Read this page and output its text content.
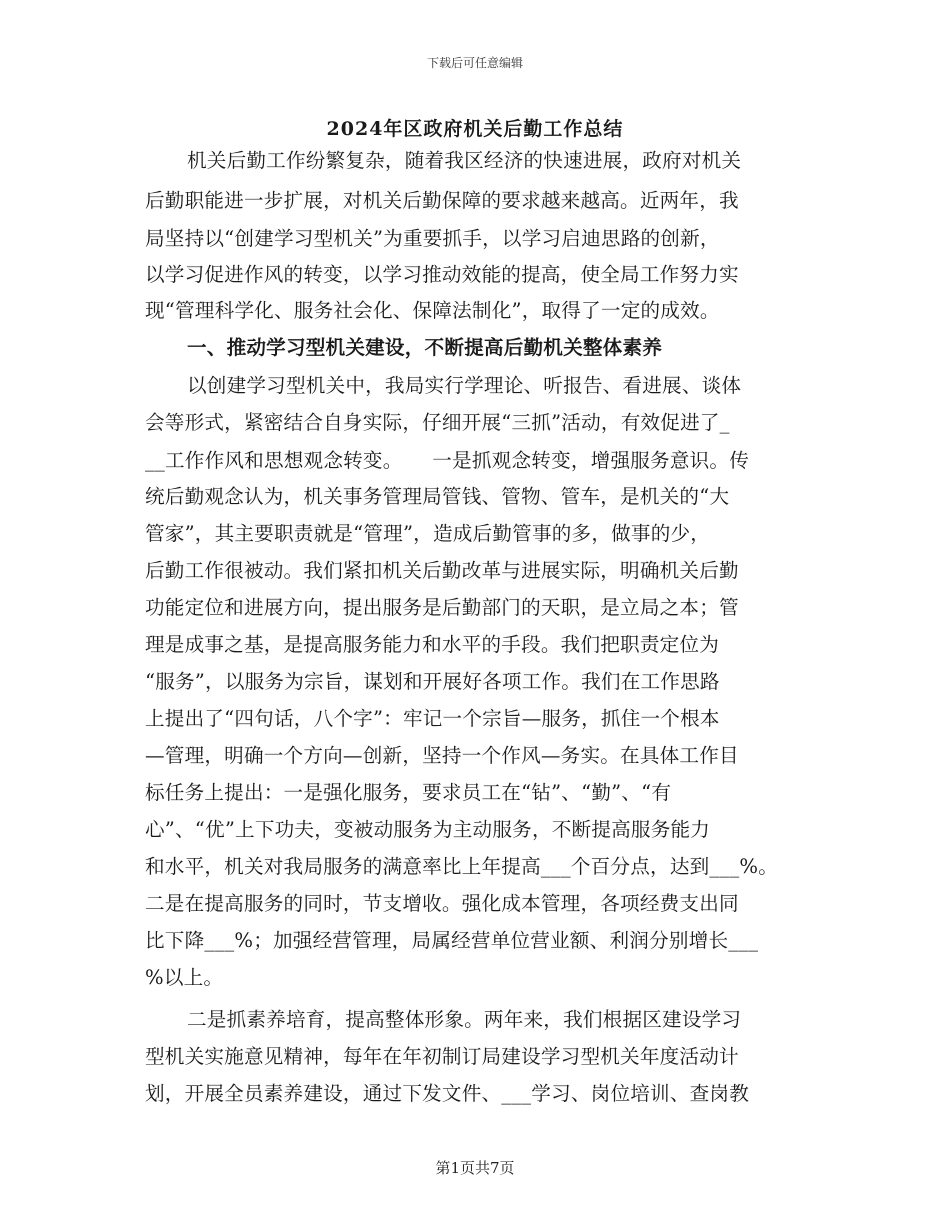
下载后可任意编辑
2024年区政府机关后勤工作总结
机关后勤工作纷繁复杂，随着我区经济的快速进展，政府对机关
后勤职能进一步扩展，对机关后勤保障的要求越来越高。近两年，我
局坚持以“创建学习型机关”为重要抓手，以学习启迪思路的创新，
以学习促进作风的转变，以学习推动效能的提高，使全局工作努力实
现“管理科学化、服务社会化、保障法制化”，取得了一定的成效。
一、推动学习型机关建设，不断提高后勤机关整体素养
以创建学习型机关中，我局实行学理论、听报告、看进展、谈体
会等形式，紧密结合自身实际，仔细开展“三抓”活动，有效促进了_
__工作作风和思想观念转变。　　一是抓观念转变，增强服务意识。传
统后勤观念认为，机关事务管理局管钱、管物、管车，是机关的“大
管家”，其主要职责就是“管理”，造成后勤管事的多，做事的少，
后勤工作很被动。我们紧扣机关后勤改革与进展实际，明确机关后勤
功能定位和进展方向，提出服务是后勤部门的天职，是立局之本；管
理是成事之基，是提高服务能力和水平的手段。我们把职责定位为
“服务”，以服务为宗旨，谋划和开展好各项工作。我们在工作思路
上提出了“四句话，八个字”：牢记一个宗旨—服务，抓住一个根本
—管理，明确一个方向—创新，坚持一个作风—务实。在具体工作目
标任务上提出：一是强化服务，要求员工在“钻”、“勤”、“有
心”、“优”上下功夫，变被动服务为主动服务，不断提高服务能力
和水平，机关对我局服务的满意率比上年提高___个百分点，达到___%。
二是在提高服务的同时，节支增收。强化成本管理，各项经费支出同
比下降___%；加强经营管理，局属经营单位营业额、利润分别增长___
%以上。
二是抓素养培育，提高整体形象。两年来，我们根据区建设学习
型机关实施意见精神，每年在年初制订局建设学习型机关年度活动计
划，开展全员素养建设，通过下发文件、___学习、岗位培训、查岗教
第1页共7页
